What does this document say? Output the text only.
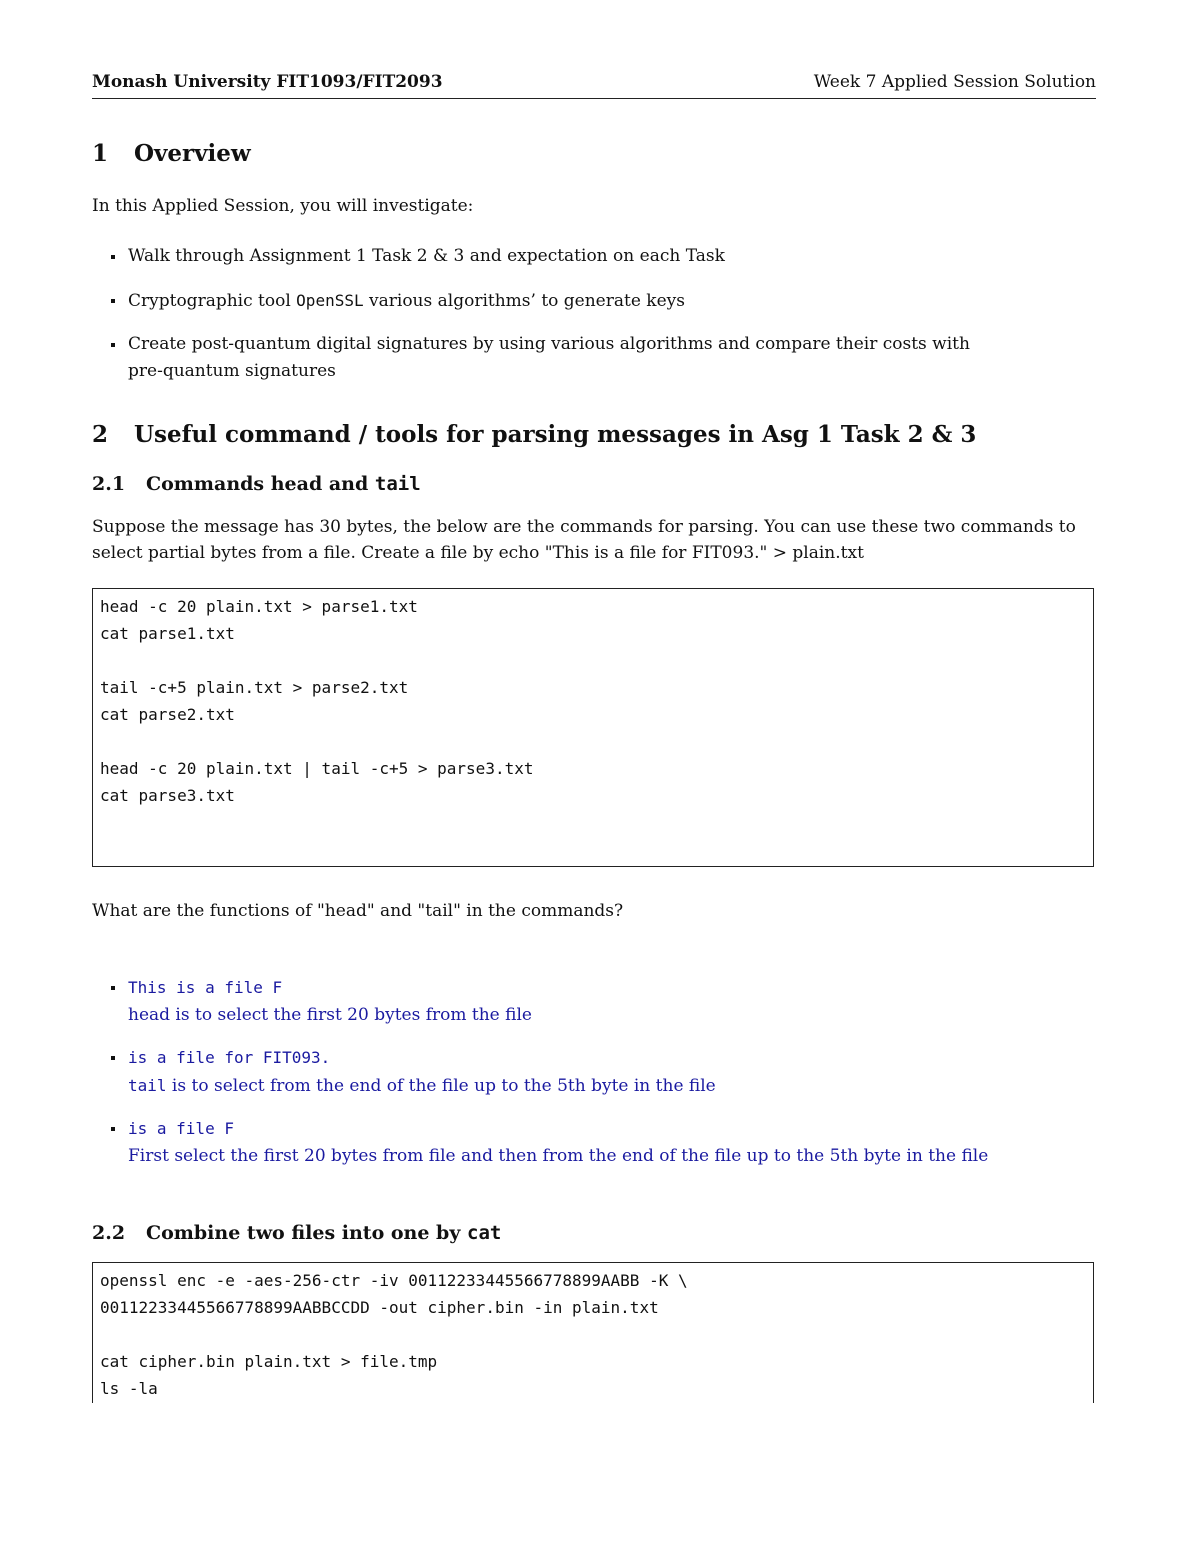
Monash University FIT1093/FIT2093	Week 7 Applied Session Solution
1 Overview

In this Applied Session, you will investigate:

Walk through Assignment 1 Task 2 & 3 and expectation on each Task
Cryptographic tool OpenSSL various algorithms’ to generate keys
Create post-quantum digital signatures by using various algorithms and compare their costs with pre-quantum signatures
2 Useful command / tools for parsing messages in Asg 1 Task 2 & 3
2.1 Commands head and tail

Suppose the message has 30 bytes, the below are the commands for parsing. You can use these two commands to select partial bytes from a file. Create a file by echo "This is a file for FIT093." > plain.txt

head -c 20 plain.txt > parse1.txt
cat parse1.txt
tail -c+5 plain.txt > parse2.txt
cat parse2.txt
head -c 20 plain.txt | tail -c+5 > parse3.txt
cat parse3.txt

What are the functions of "head" and "tail" in the commands?

This is a file F
head is to select the first 20 bytes from the file
is a file for FIT093.
tail is to select from the end of the file up to the 5th byte in the file
is a file F
First select the first 20 bytes from file and then from the end of the file up to the 5th byte in the file
2.2 Combine two files into one by cat
openssl enc -e -aes-256-ctr -iv 00112233445566778899AABB -K \
00112233445566778899AABBCCDD -out cipher.bin -in plain.txt
cat cipher.bin plain.txt > file.tmp
ls -la
